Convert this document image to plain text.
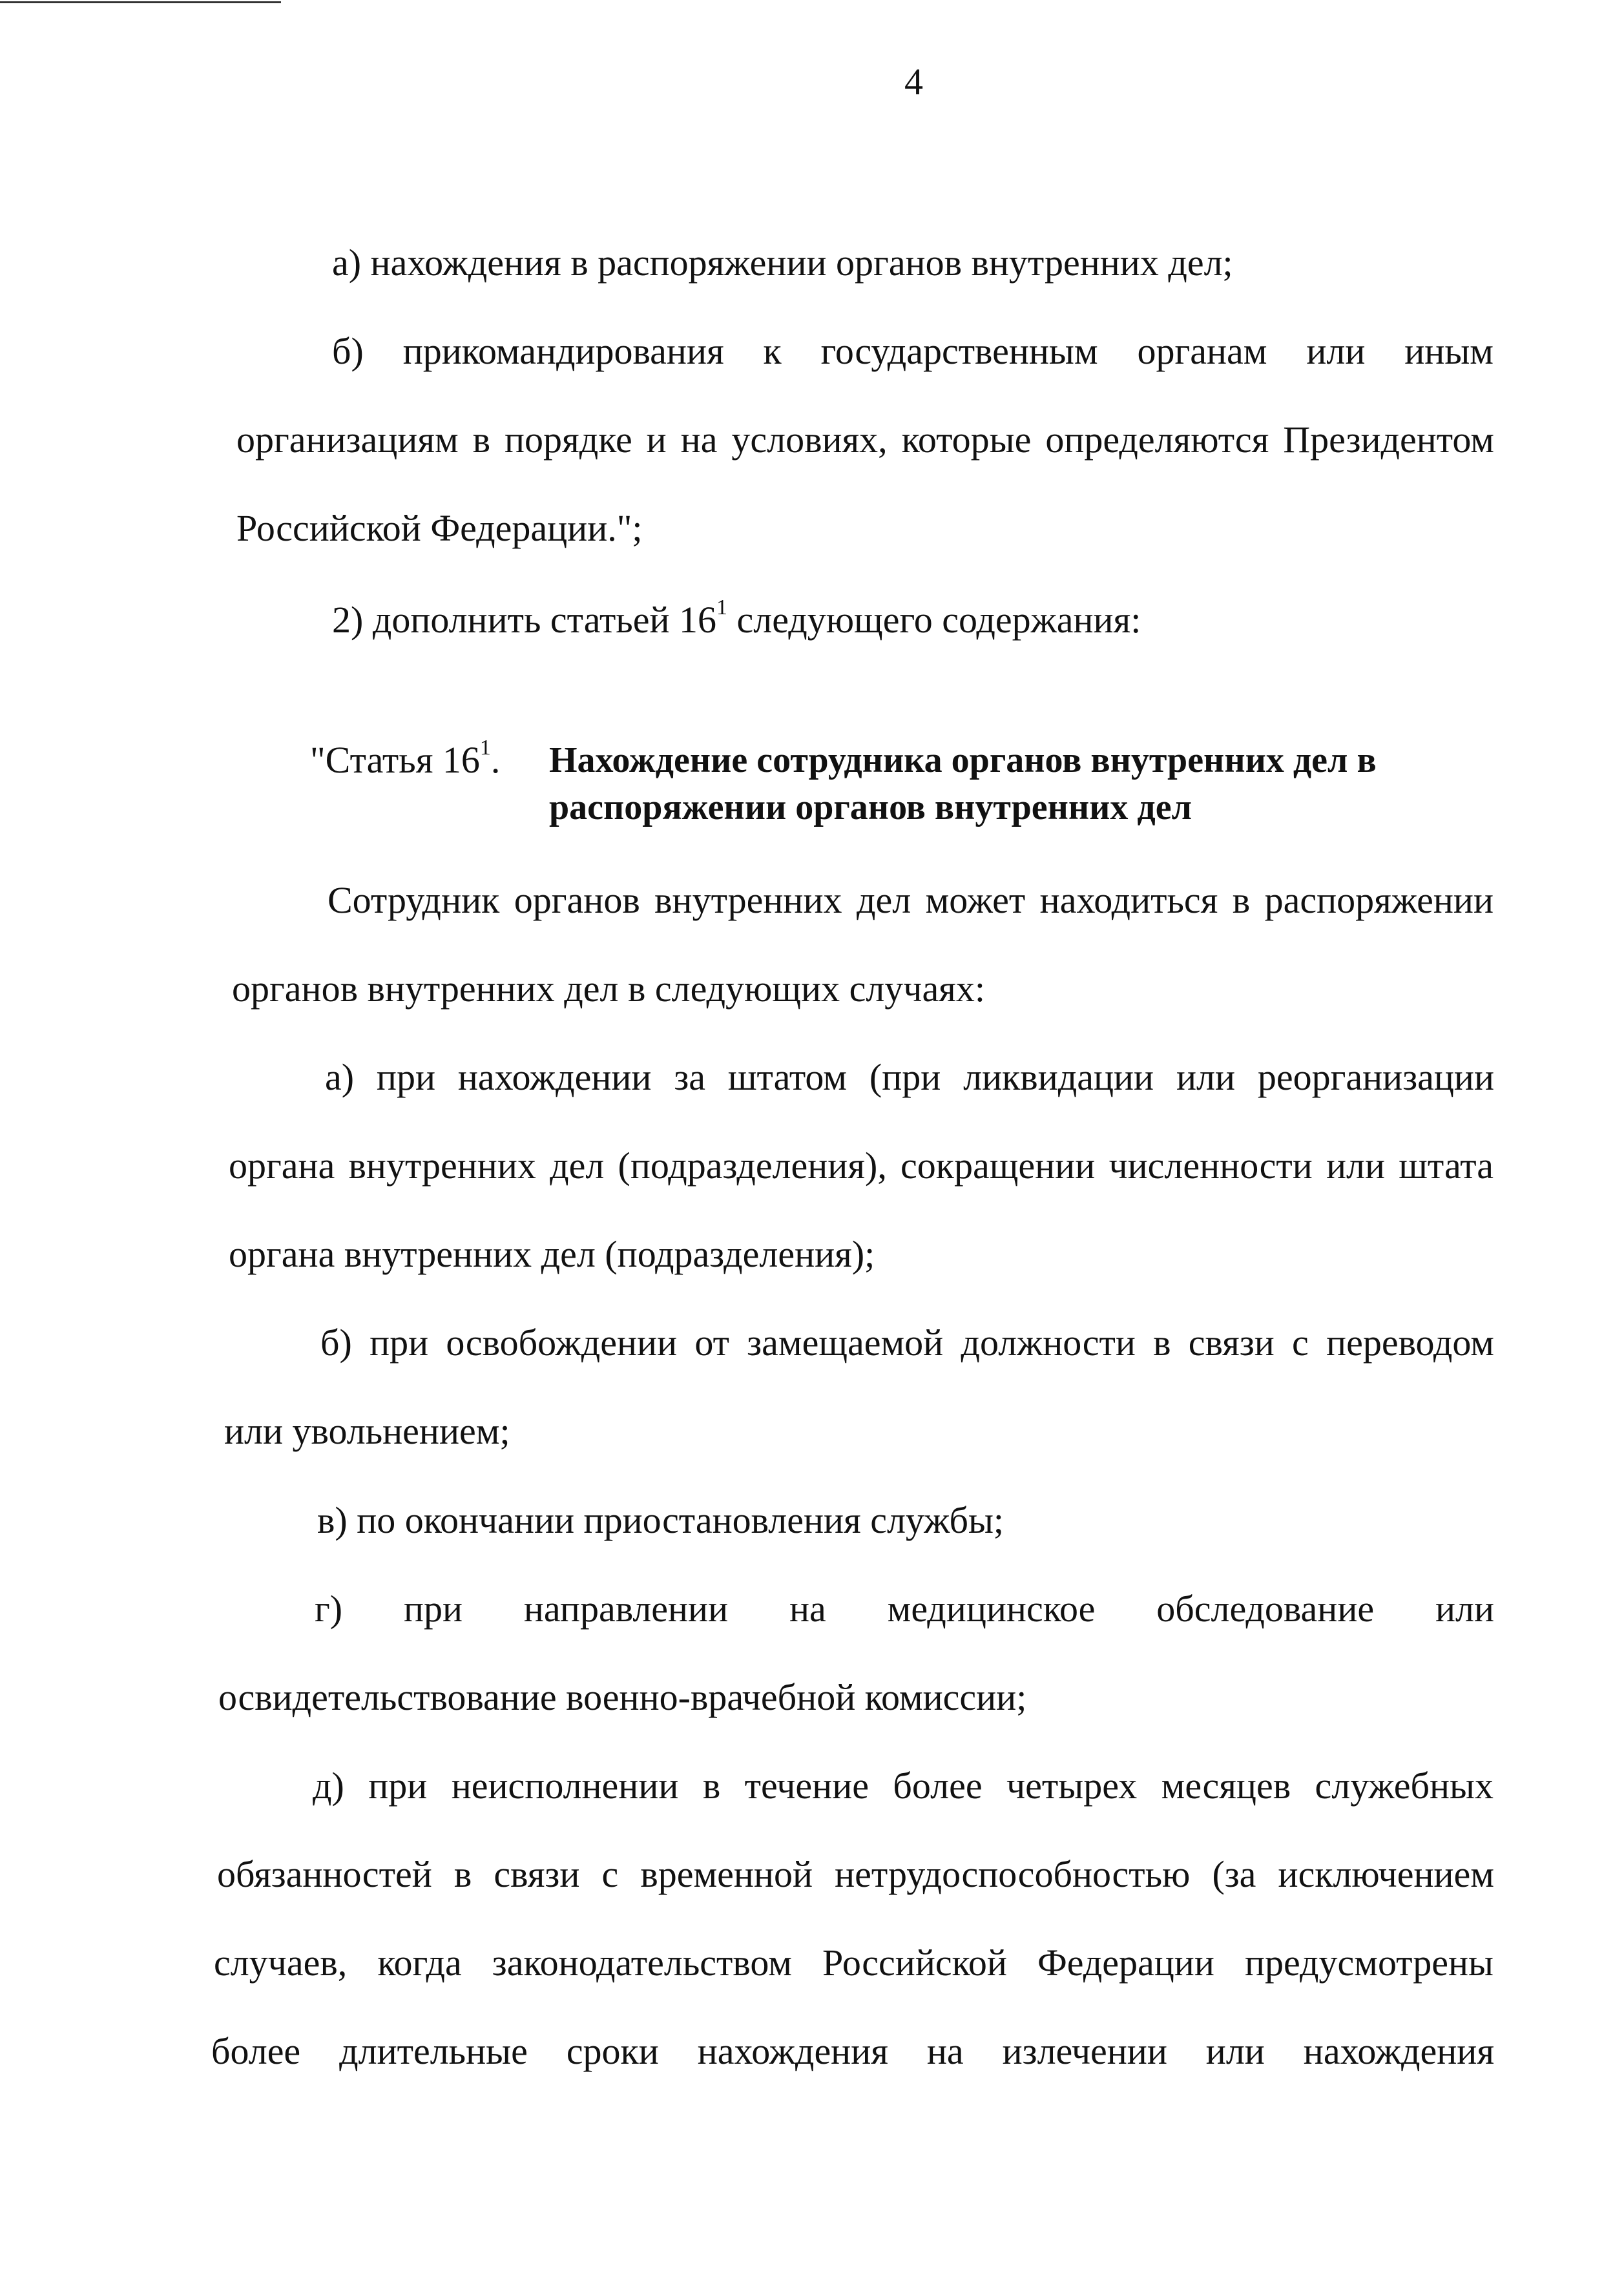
4
"Статья $16^1$. Нахождение сотрудника органов внутренних дел в
распоряжении органов внутренних дел
а) нахождения в распоряжении органов внутренних дел;
б) прикомандирования к государственным органам или иным
организациям в порядке и на условиях, которые определяются Президентом
Российской Федерации.";
2) дополнить статьей $16^1$ следующего содержания:
Сотрудник органов внутренних дел может находиться в распоряжении
органов внутренних дел в следующих случаях:
а) при нахождении за штатом (при ликвидации или реорганизации
органа внутренних дел (подразделения), сокращении численности или штата
органа внутренних дел (подразделения);
б) при освобождении от замещаемой должности в связи с переводом
или увольнением;
в) по окончании приостановления службы;
г) при направлении на медицинское обследование или
освидетельствование военно-врачебной комиссии;
д) при неисполнении в течение более четырех месяцев служебных
обязанностей в связи с временной нетрудоспособностью (за исключением
случаев, когда законодательством Российской Федерации предусмотрены
более длительные сроки нахождения на излечении или нахождения
